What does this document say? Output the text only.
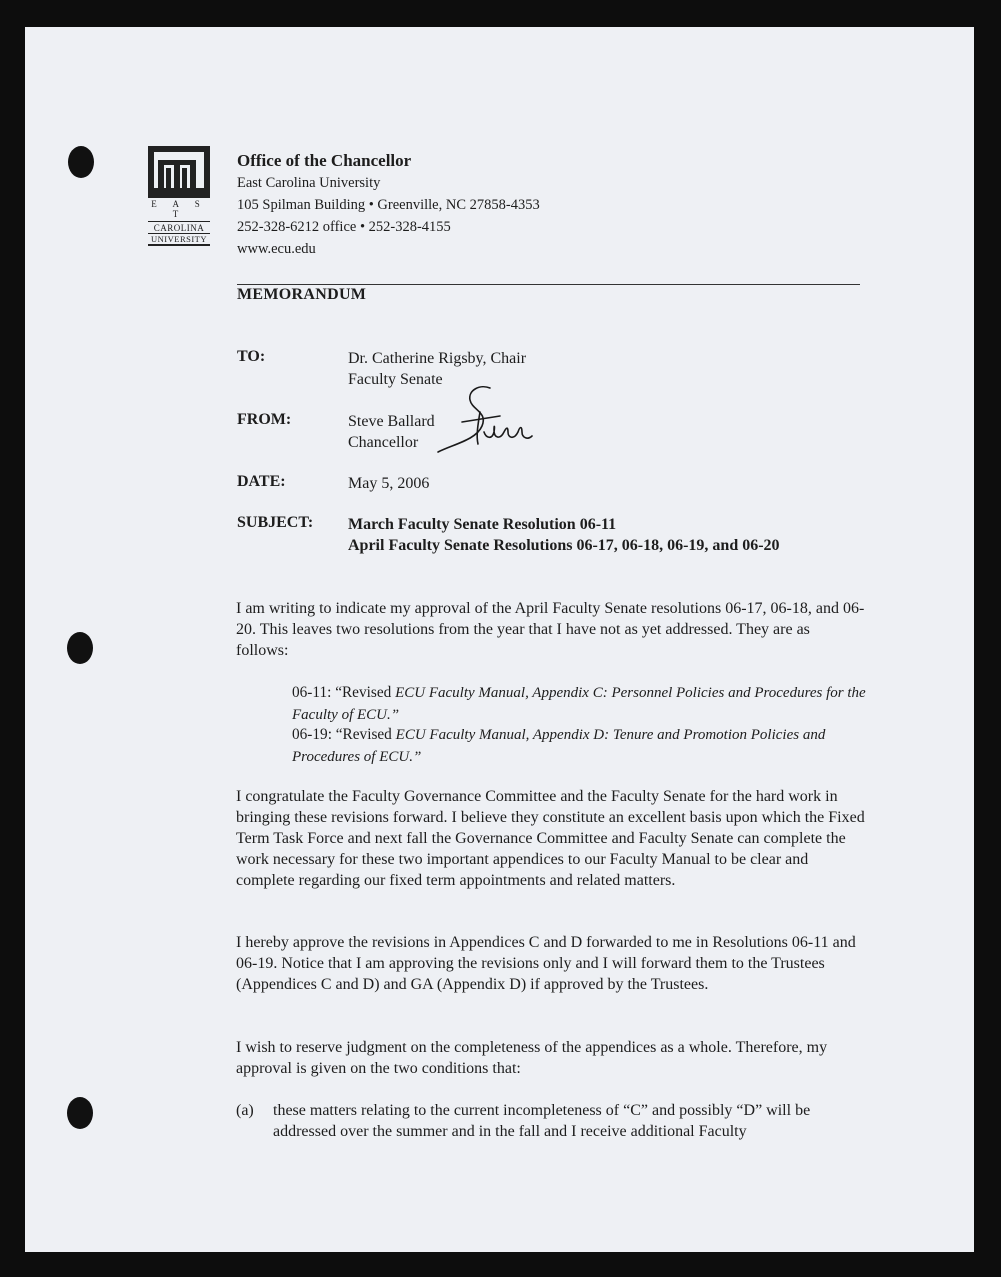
E A S T
CAROLINA
UNIVERSITY
Office of the Chancellor
East Carolina University
105 Spilman Building • Greenville, NC 27858-4353
252-328-6212 office • 252-328-4155
www.ecu.edu
MEMORANDUM
TO:	Dr. Catherine Rigsby, Chair
Faculty Senate
FROM:	Steve Ballard
Chancellor
DATE:	May 5, 2006
SUBJECT: March Faculty Senate Resolution 06-11
April Faculty Senate Resolutions 06-17, 06-18, 06-19, and 06-20
I am writing to indicate my approval of the April Faculty Senate resolutions 06-17, 06-18, and 06-20. This leaves two resolutions from the year that I have not as yet addressed. They are as follows:
06-11: “Revised ECU Faculty Manual, Appendix C: Personnel Policies and Procedures for the Faculty of ECU.”
06-19: “Revised ECU Faculty Manual, Appendix D: Tenure and Promotion Policies and Procedures of ECU.”
I congratulate the Faculty Governance Committee and the Faculty Senate for the hard work in bringing these revisions forward. I believe they constitute an excellent basis upon which the Fixed Term Task Force and next fall the Governance Committee and Faculty Senate can complete the work necessary for these two important appendices to our Faculty Manual to be clear and complete regarding our fixed term appointments and related matters.
I hereby approve the revisions in Appendices C and D forwarded to me in Resolutions 06-11 and 06-19. Notice that I am approving the revisions only and I will forward them to the Trustees (Appendices C and D) and GA (Appendix D) if approved by the Trustees.
I wish to reserve judgment on the completeness of the appendices as a whole. Therefore, my approval is given on the two conditions that:
(a) these matters relating to the current incompleteness of “C” and possibly “D” will be addressed over the summer and in the fall and I receive additional Faculty
